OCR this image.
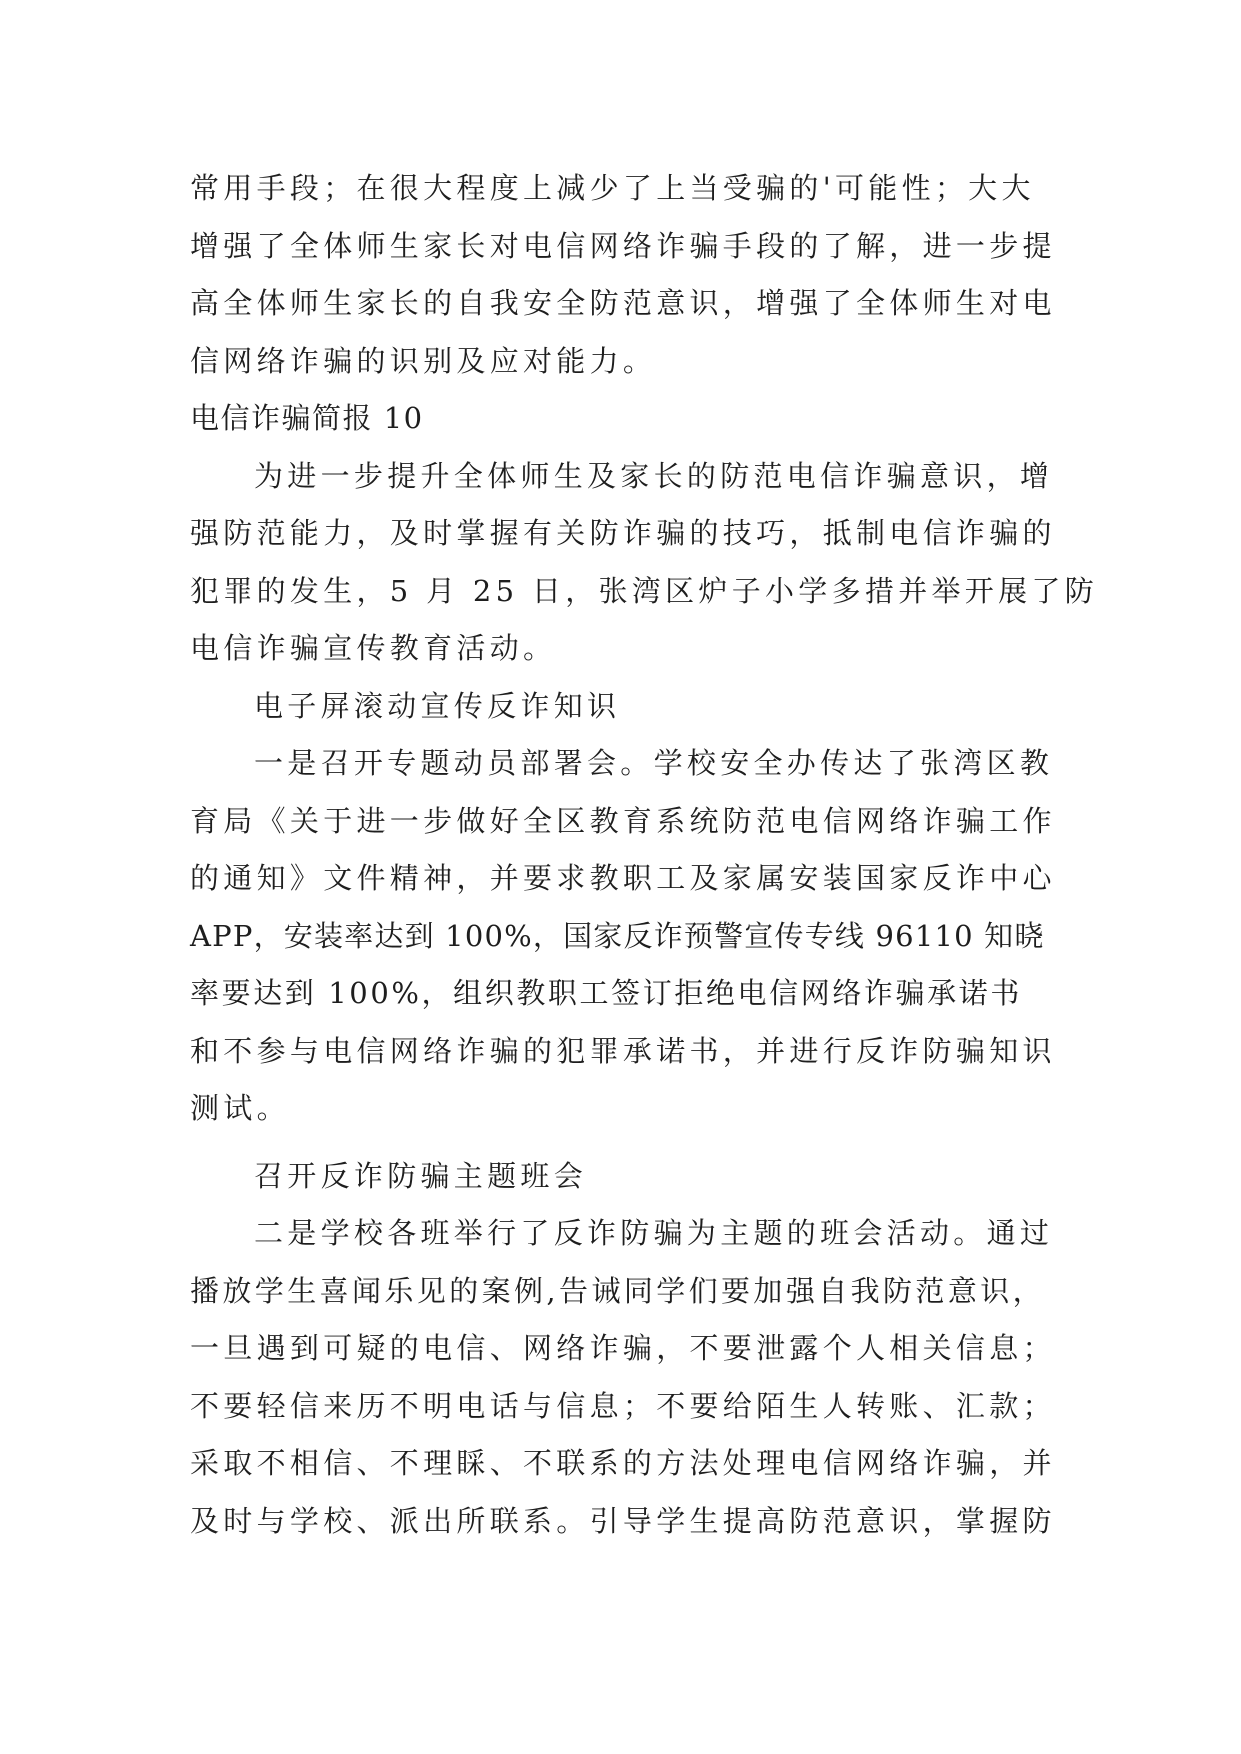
常用手段；在很大程度上减少了上当受骗的'可能性；大大
增强了全体师生家长对电信网络诈骗手段的了解，进一步提
高全体师生家长的自我安全防范意识，增强了全体师生对电
信网络诈骗的识别及应对能力。
电信诈骗简报 10
为进一步提升全体师生及家长的防范电信诈骗意识，增
强防范能力，及时掌握有关防诈骗的技巧，抵制电信诈骗的
犯罪的发生，5 月 25 日，张湾区炉子小学多措并举开展了防
电信诈骗宣传教育活动。
电子屏滚动宣传反诈知识
一是召开专题动员部署会。学校安全办传达了张湾区教
育局《关于进一步做好全区教育系统防范电信网络诈骗工作
的通知》文件精神，并要求教职工及家属安装国家反诈中心
APP，安装率达到 100%，国家反诈预警宣传专线 96110 知晓
率要达到 100%，组织教职工签订拒绝电信网络诈骗承诺书
和不参与电信网络诈骗的犯罪承诺书，并进行反诈防骗知识
测试。
召开反诈防骗主题班会
二是学校各班举行了反诈防骗为主题的班会活动。通过
播放学生喜闻乐见的案例,告诫同学们要加强自我防范意识，
一旦遇到可疑的电信、网络诈骗，不要泄露个人相关信息；
不要轻信来历不明电话与信息；不要给陌生人转账、汇款；
采取不相信、不理睬、不联系的方法处理电信网络诈骗，并
及时与学校、派出所联系。引导学生提高防范意识，掌握防
